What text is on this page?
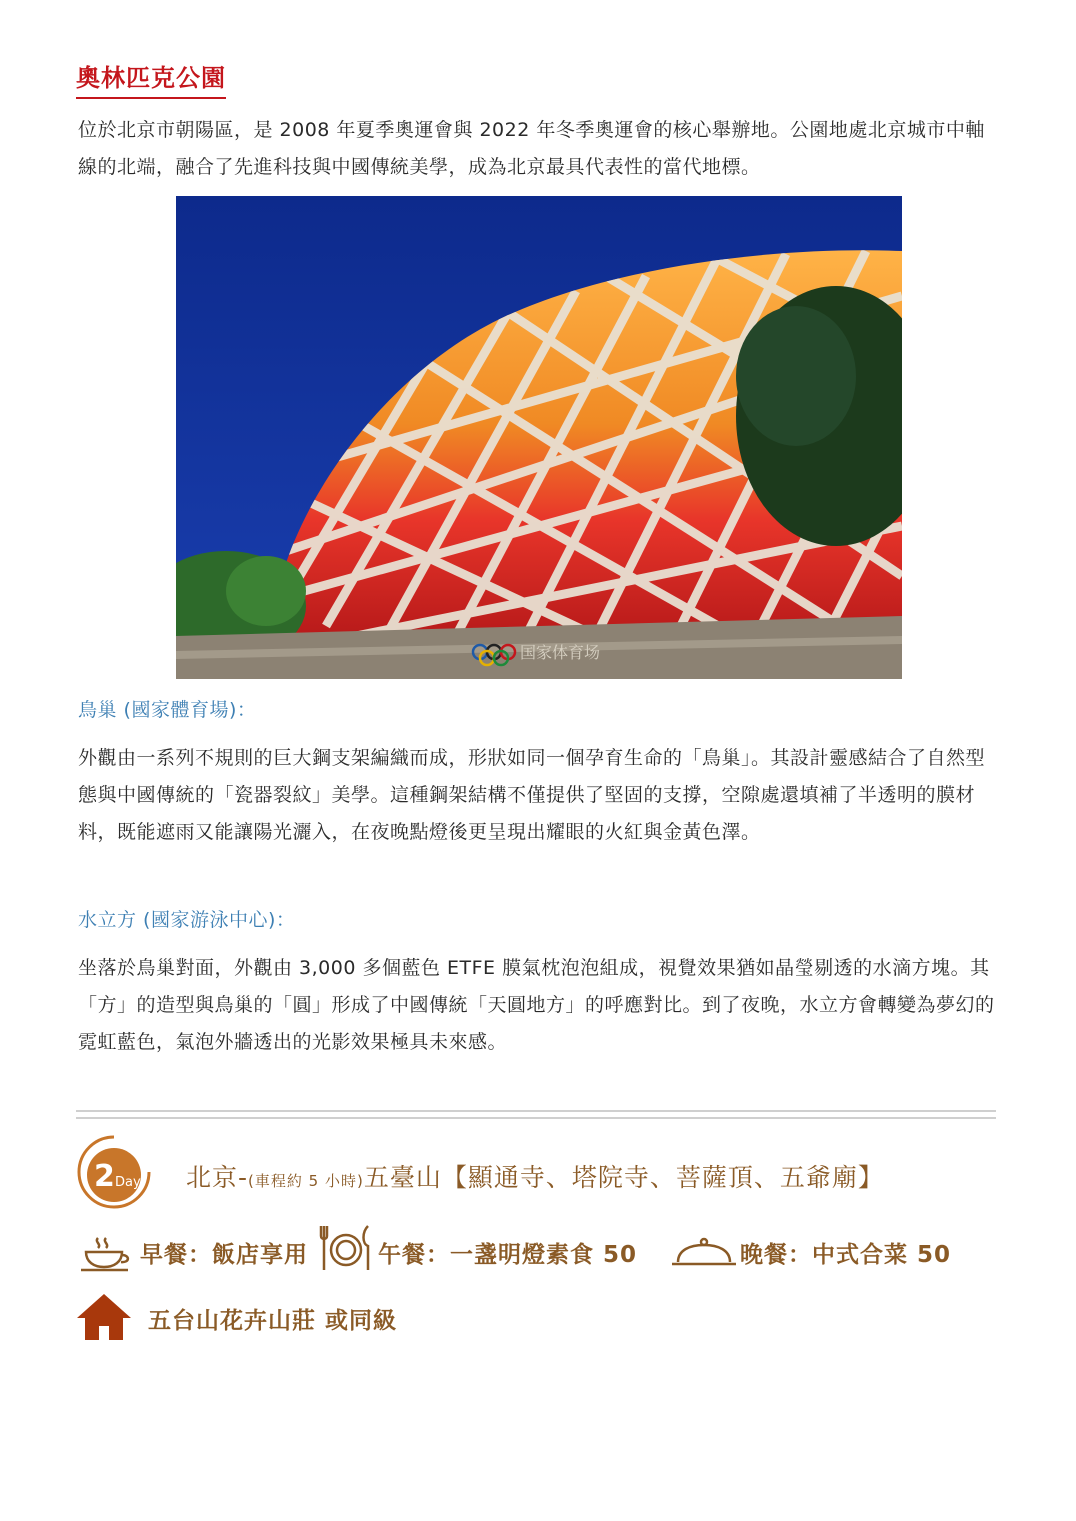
奧林匹克公園
位於北京市朝陽區，是 2008 年夏季奧運會與 2022 年冬季奧運會的核心舉辦地。公園地處北京城市中軸線的北端，融合了先進科技與中國傳統美學，成為北京最具代表性的當代地標。
国家体育场
鳥巢 (國家體育場)：
外觀由一系列不規則的巨大鋼支架編織而成，形狀如同一個孕育生命的「鳥巢」。其設計靈感結合了自然型態與中國傳統的「瓷器裂紋」美學。這種鋼架結構不僅提供了堅固的支撐，空隙處還填補了半透明的膜材料，既能遮雨又能讓陽光灑入，在夜晚點燈後更呈現出耀眼的火紅與金黃色澤。
水立方 (國家游泳中心)：
坐落於鳥巢對面，外觀由 3,000 多個藍色 ETFE 膜氣枕泡泡組成，視覺效果猶如晶瑩剔透的水滴方塊。其「方」的造型與鳥巢的「圓」形成了中國傳統「天圓地方」的呼應對比。到了夜晚，水立方會轉變為夢幻的霓虹藍色，氣泡外牆透出的光影效果極具未來感。
2 Day 北京-(車程約 5 小時)五臺山【顯通寺、塔院寺、菩薩頂、五爺廟】
早餐：飯店享用	午餐：一盞明燈素食 50	晚餐：中式合菜 50
五台山花卉山莊 或同級
